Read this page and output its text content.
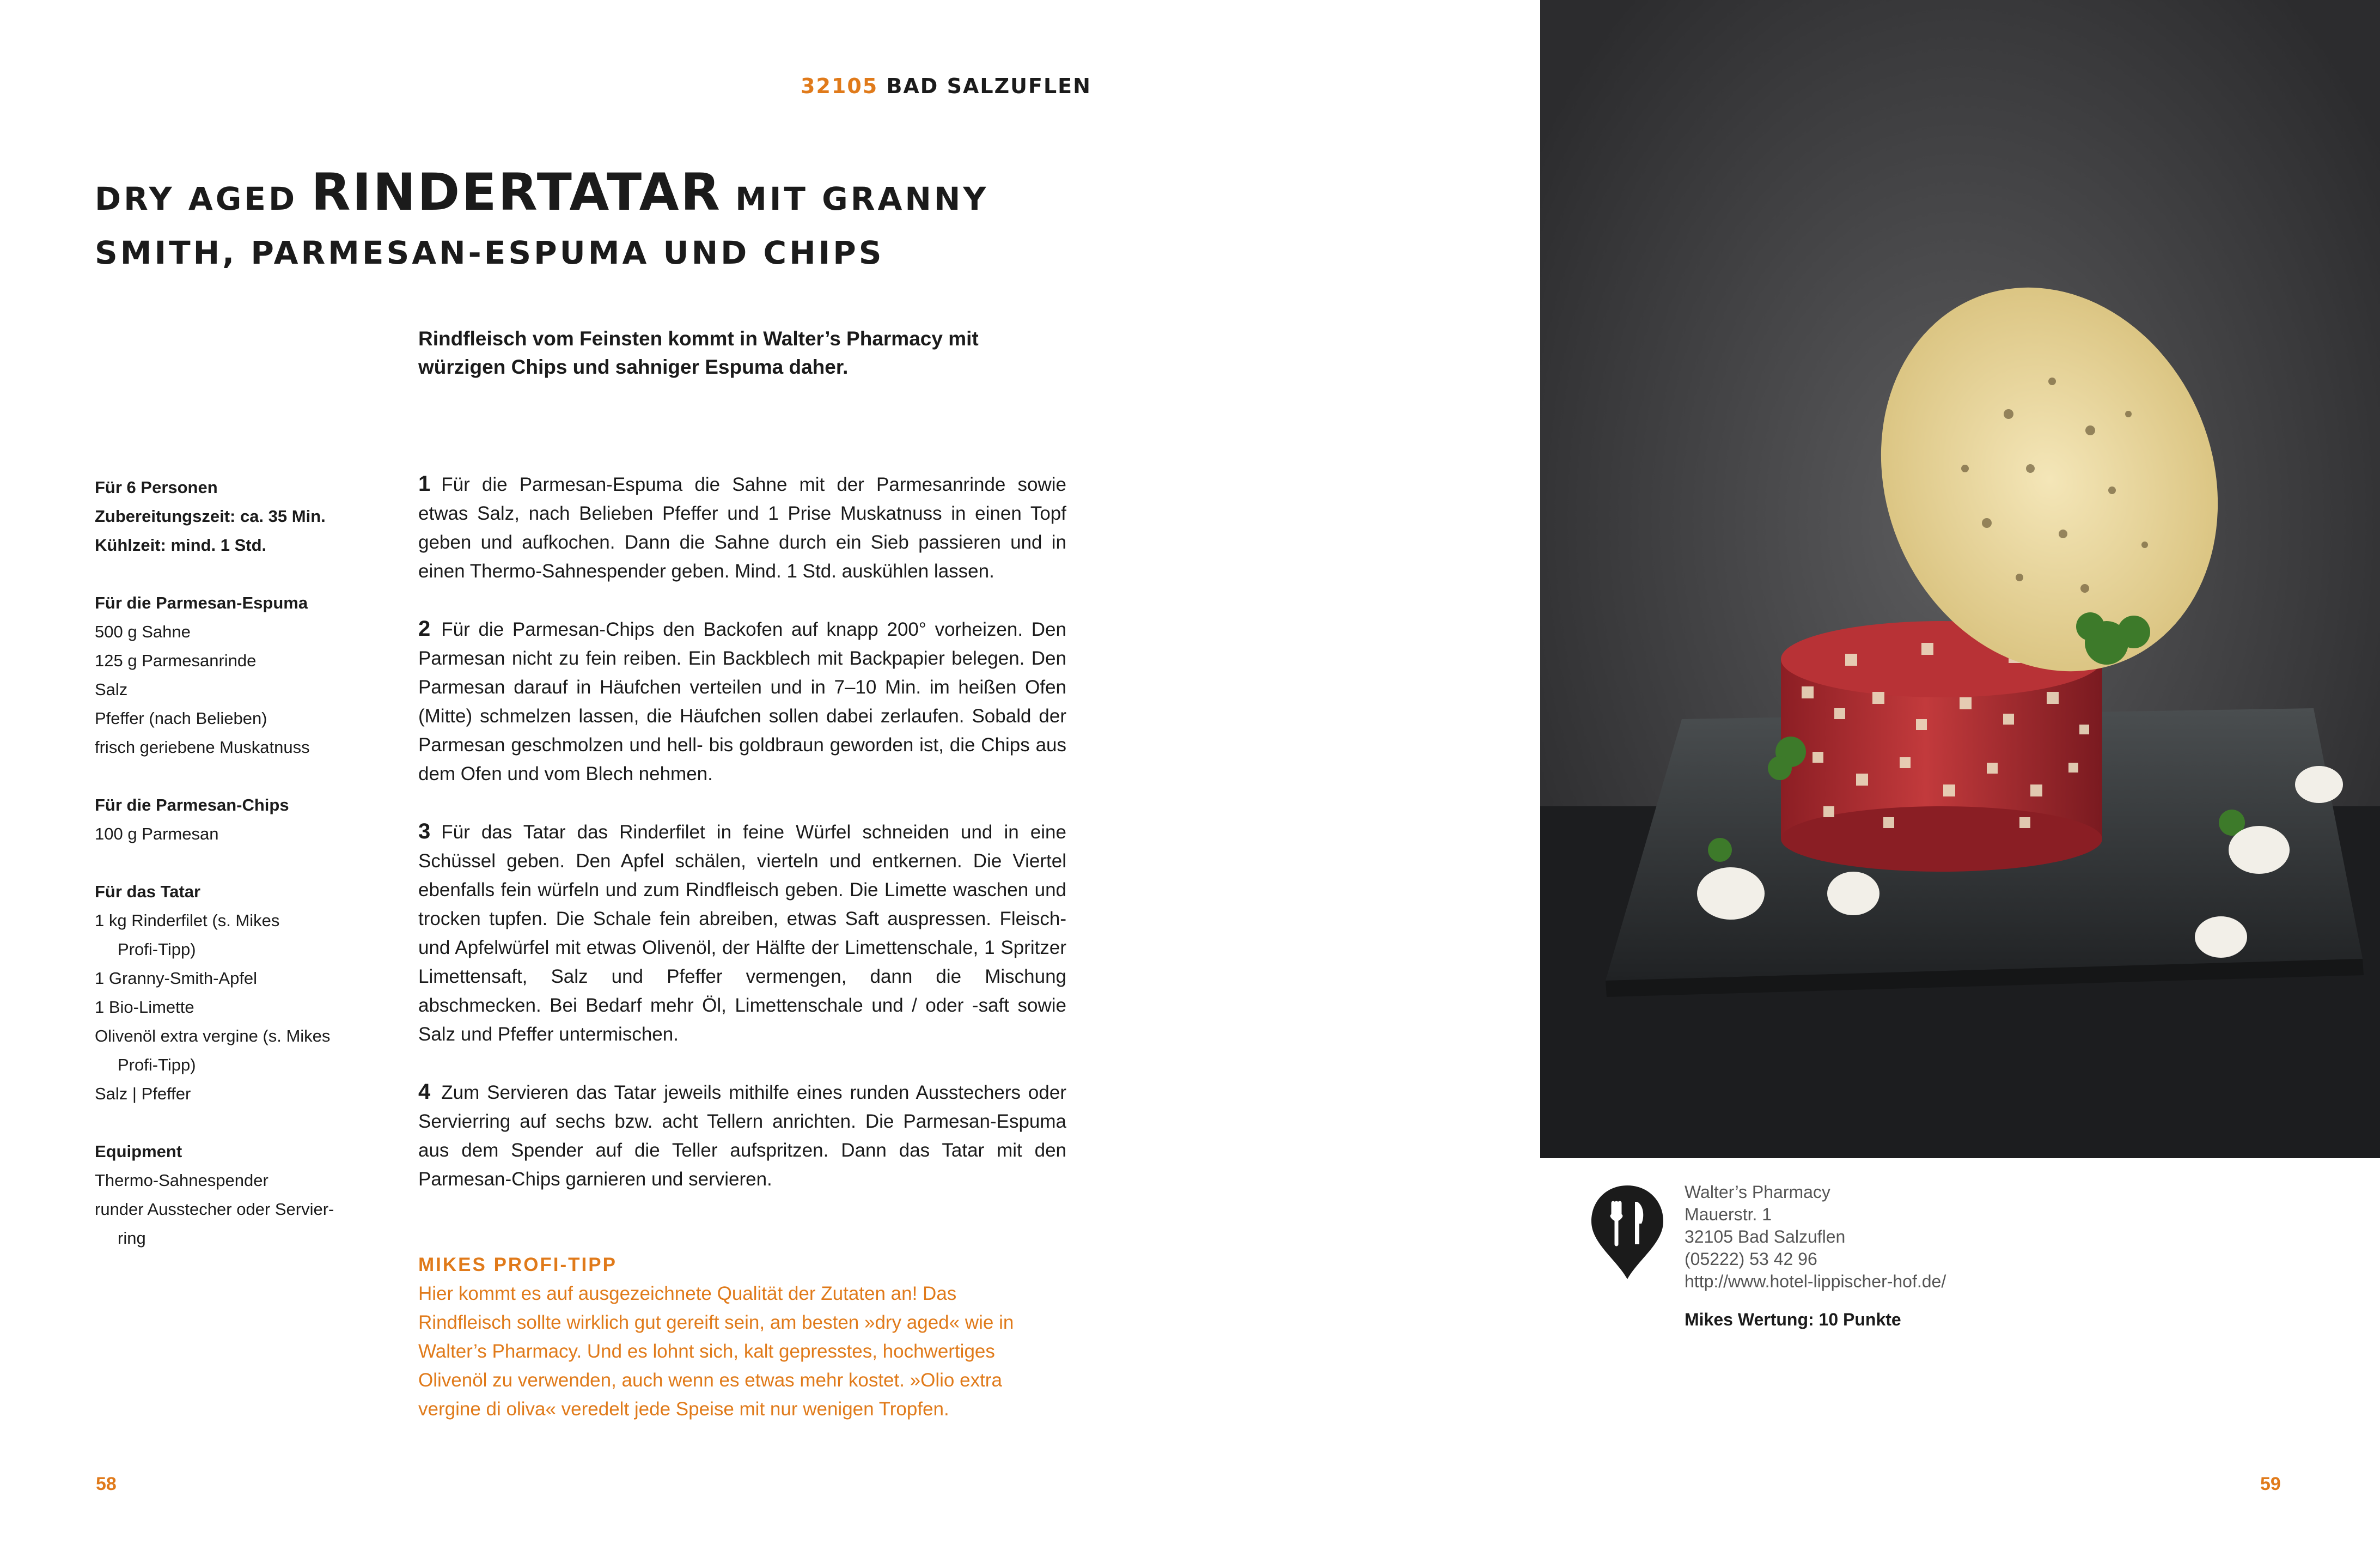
32105 BAD SALZUFLEN
DRY AGED RINDERTATAR MIT GRANNY
SMITH, PARMESAN-ESPUMA UND CHIPS
Rindfleisch vom Feinsten kommt in Walter’s Pharmacy mit
würzigen Chips und sahniger Espuma daher.
Für 6 Personen
Zubereitungszeit: ca. 35 Min.
Kühlzeit: mind. 1 Std.
Für die Parmesan-Espuma
500 g Sahne
125 g Parmesanrinde
Salz
Pfeffer (nach Belieben)
frisch geriebene Muskatnuss
Für die Parmesan-Chips
100 g Parmesan
Für das Tatar
1 kg Rinderfilet (s. Mikes
Profi-Tipp)
1 Granny-Smith-Apfel
1 Bio-Limette
Olivenöl extra vergine (s. Mikes
Profi-Tipp)
Salz | Pfeffer
Equipment
Thermo-Sahnespender
runder Ausstecher oder Servier-
ring
1 Für die Parmesan-Espuma die Sahne mit der Parmesanrinde sowie etwas Salz, nach Belieben Pfeffer und 1 Prise Muskatnuss in einen Topf geben und aufkochen. Dann die Sahne durch ein Sieb passieren und in einen Thermo-Sahnespender geben. Mind. 1 Std. auskühlen lassen.
2 Für die Parmesan-Chips den Backofen auf knapp 200° vorheizen. Den Parmesan nicht zu fein reiben. Ein Backblech mit Backpapier belegen. Den Parmesan darauf in Häufchen verteilen und in 7–10 Min. im heißen Ofen (Mitte) schmelzen lassen, die Häufchen sollen dabei zerlaufen. Sobald der Parmesan geschmolzen und hell- bis goldbraun geworden ist, die Chips aus dem Ofen und vom Blech nehmen.
3 Für das Tatar das Rinderfilet in feine Würfel schneiden und in eine Schüssel geben. Den Apfel schälen, vierteln und entkernen. Die Viertel ebenfalls fein würfeln und zum Rindfleisch geben. Die Limette waschen und trocken tupfen. Die Schale fein abreiben, etwas Saft auspressen. Fleisch- und Apfelwürfel mit etwas Olivenöl, der Hälfte der Limettenschale, 1 Spritzer Limettensaft, Salz und Pfeffer vermengen, dann die Mischung abschmecken. Bei Bedarf mehr Öl, Limettenschale und / oder -saft sowie Salz und Pfeffer untermischen.
4 Zum Servieren das Tatar jeweils mithilfe eines runden Ausstechers oder Servierring auf sechs bzw. acht Tellern anrichten. Die Parmesan-Espuma aus dem Spender auf die Teller aufspritzen. Dann das Tatar mit den Parmesan-Chips garnieren und servieren.
MIKES PROFI-TIPP
Hier kommt es auf ausgezeichnete Qualität der Zutaten an! Das Rindfleisch sollte wirklich gut gereift sein, am besten »dry aged« wie in Walter’s Pharmacy. Und es lohnt sich, kalt gepresstes, hochwertiges Olivenöl zu verwenden, auch wenn es etwas mehr kostet. »Olio extra vergine di oliva« veredelt jede Speise mit nur wenigen Tropfen.
58	59
Walter’s Pharmacy
Mauerstr. 1
32105 Bad Salzuflen
(05222) 53 42 96
http://www.hotel-lippischer-hof.de/
Mikes Wertung: 10 Punkte
